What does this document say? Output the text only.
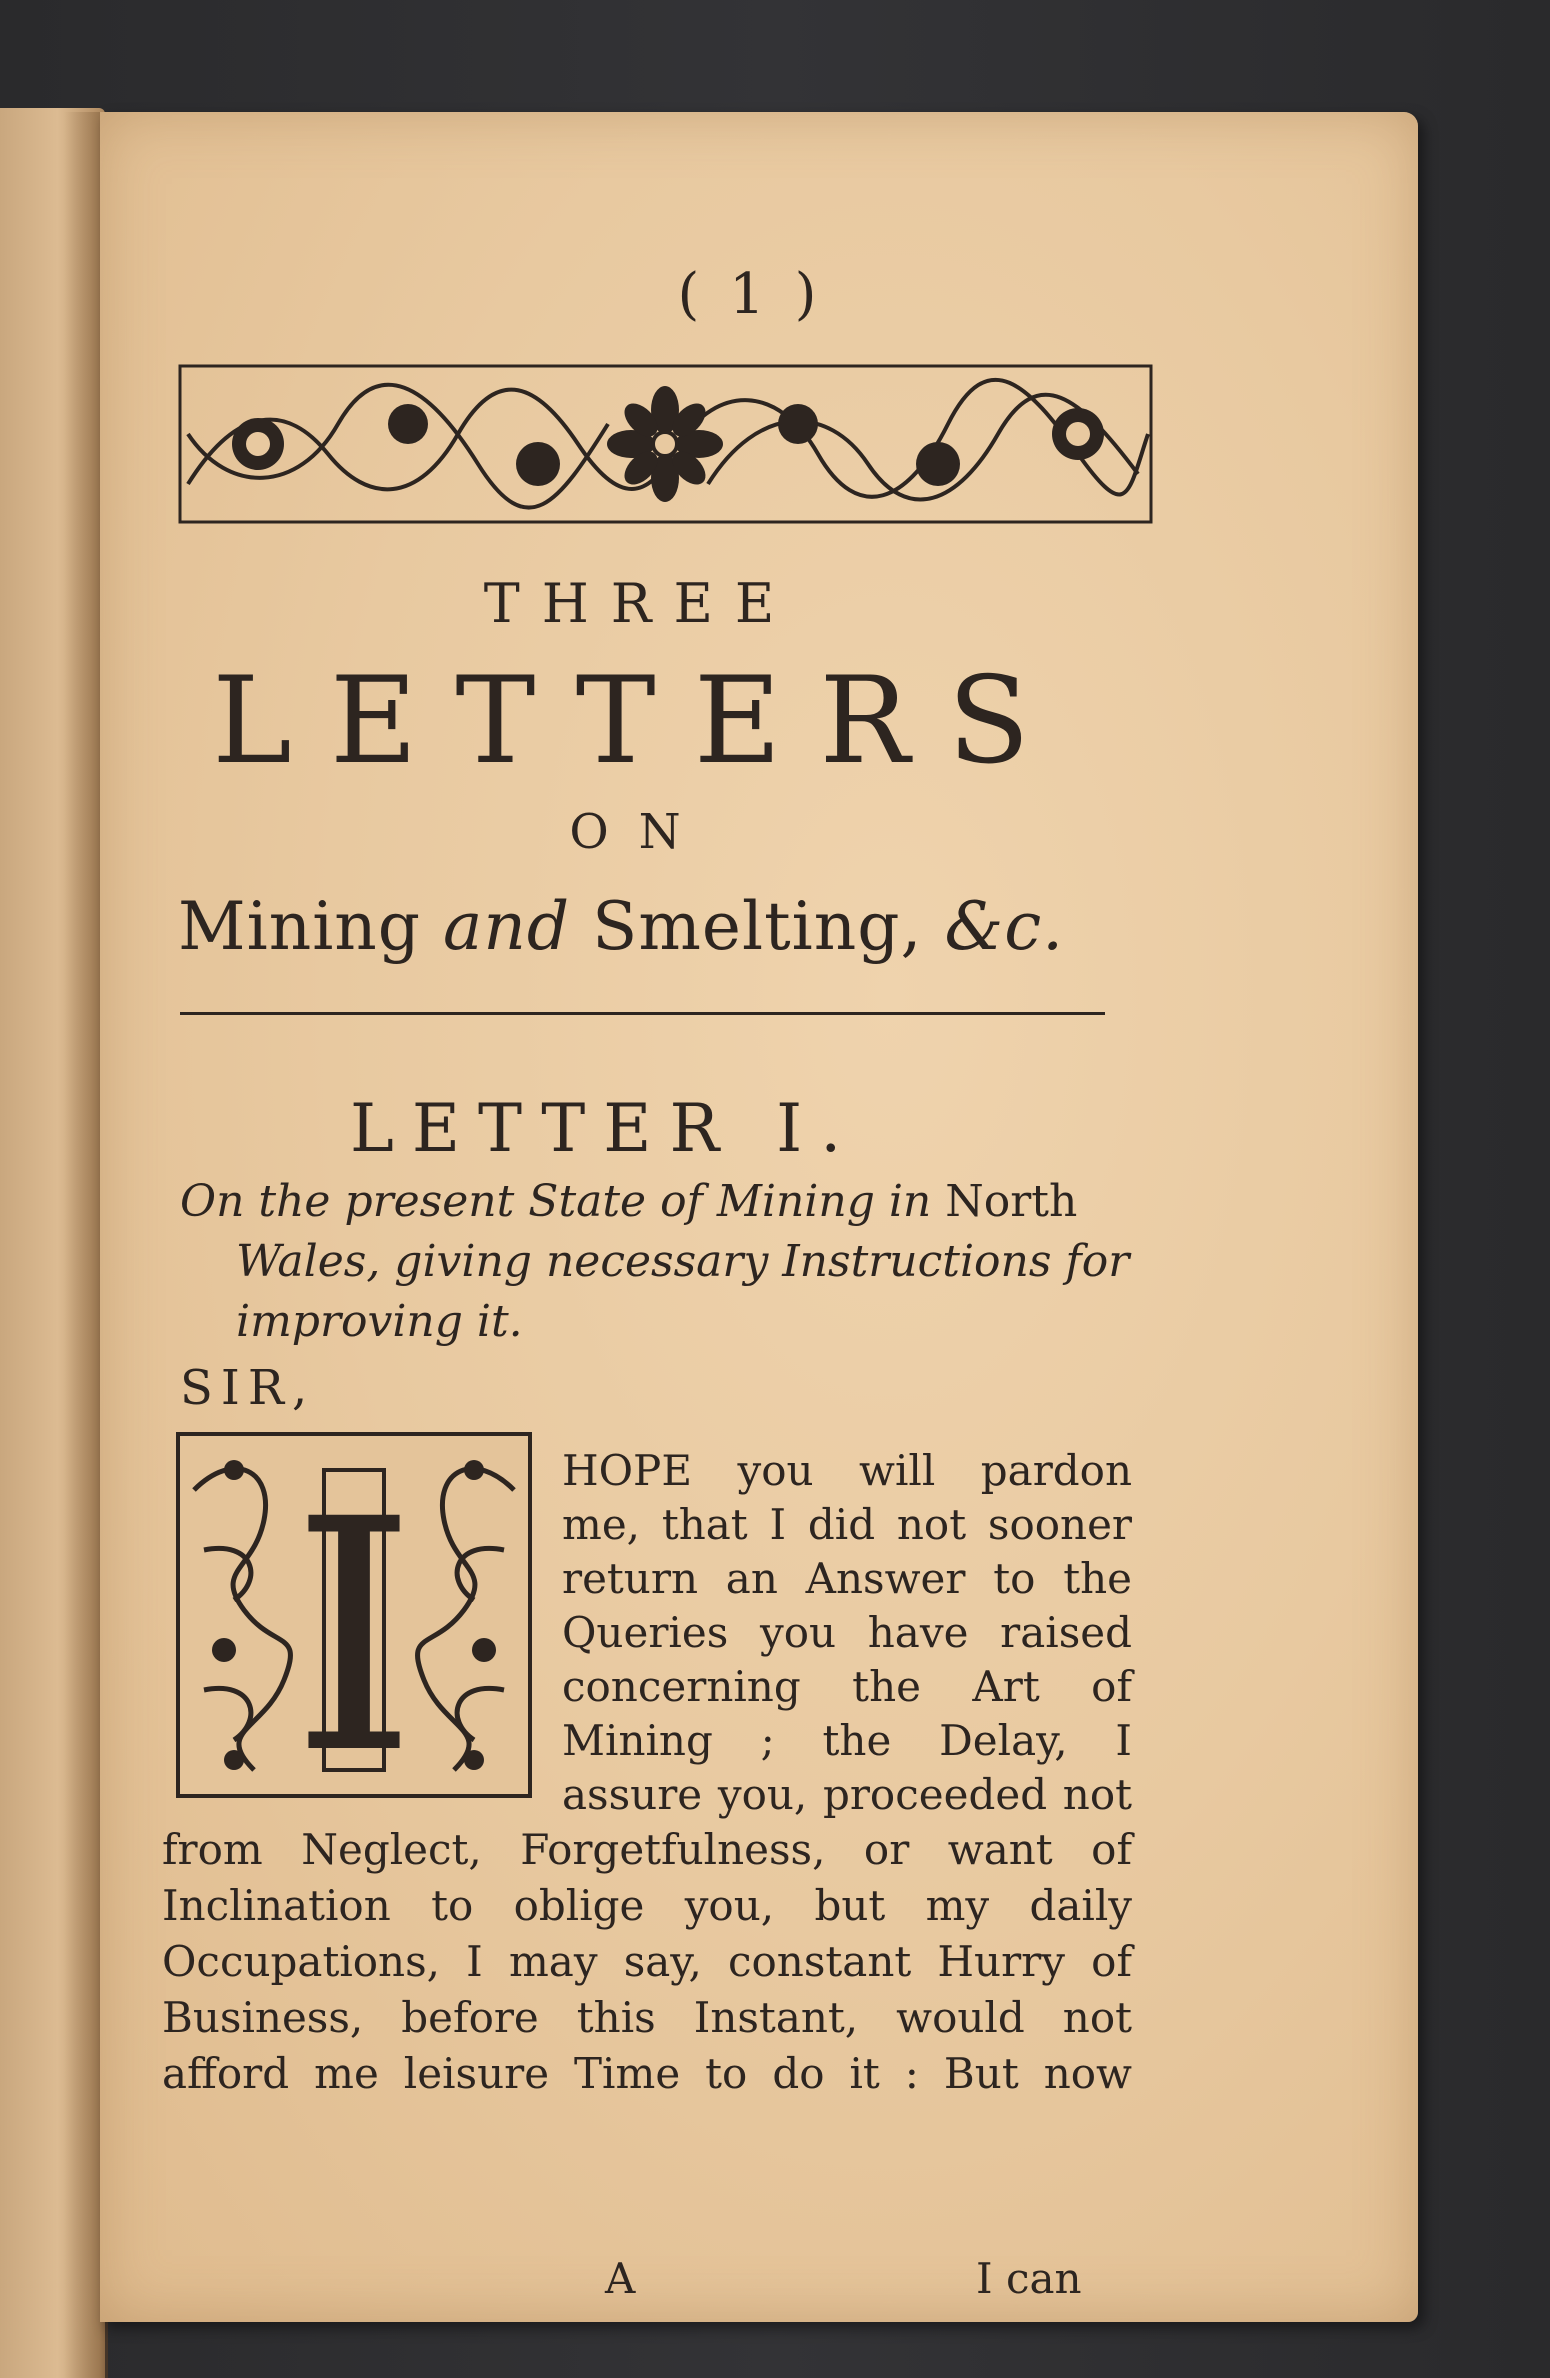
( 1 )
THREE
LETTERS
ON
Mining and Smelting, &c.
LETTER I.
On the present State of Mining in North
Wales, giving necessary Instructions for
improving it.
SIR,
I	HOPE you will pardon
me, that I did not sooner
return an Answer to the
Queries you have raised
concerning the Art of
Mining ; the Delay, I
assure you, proceeded not
from Neglect, Forgetfulness, or want of
Inclination to oblige you, but my daily
Occupations, I may say, constant Hurry of
Business, before this Instant, would not
afford me leisure Time to do it : But now
A	I can
